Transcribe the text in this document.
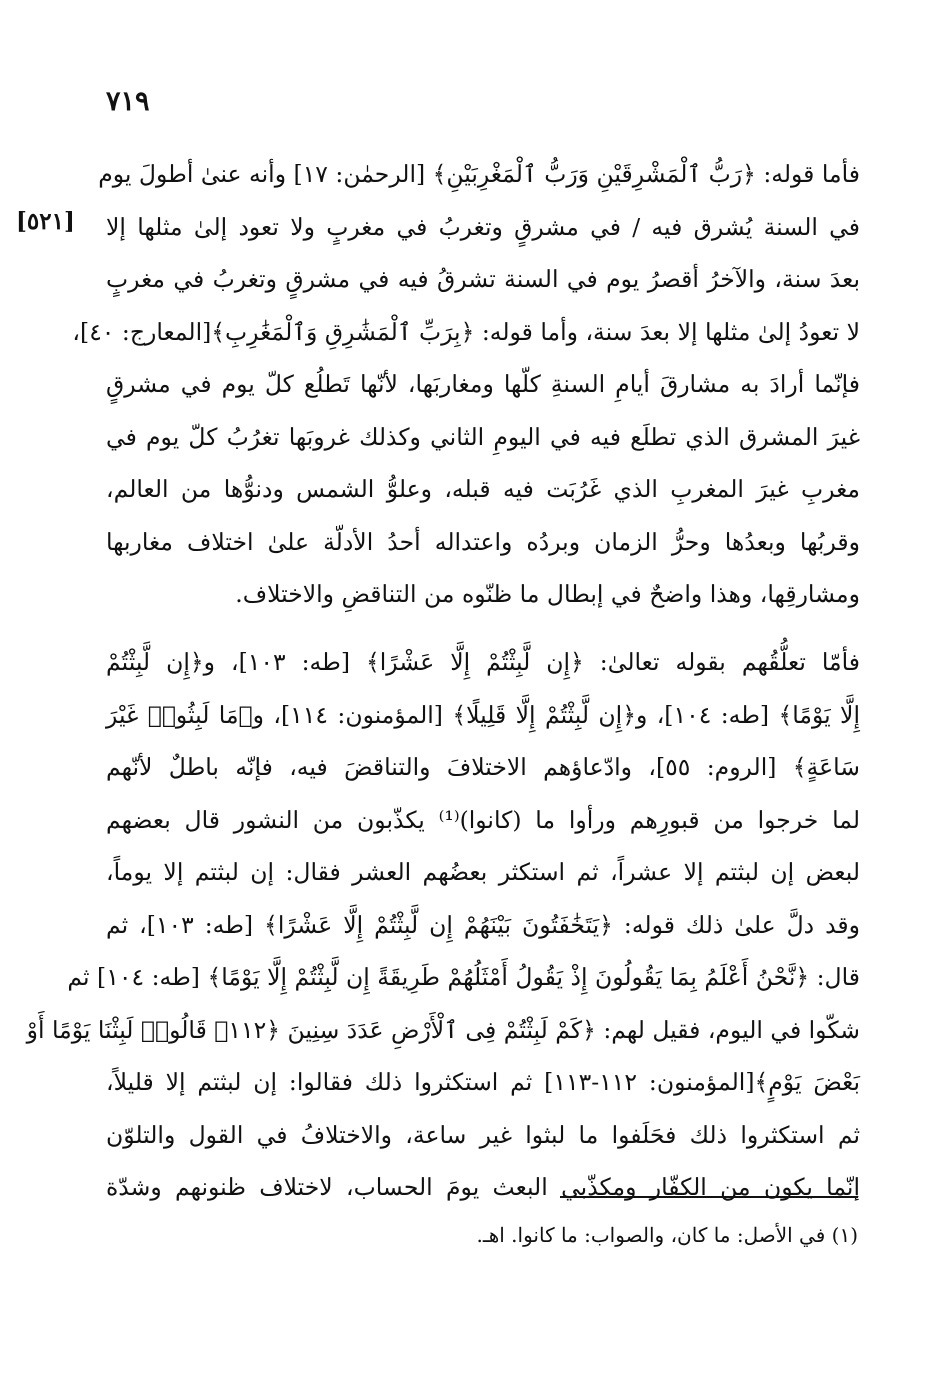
٧١٩
[٥٢١]
فأما قوله: ﴿رَبُّ ٱلْمَشْرِقَيْنِ وَرَبُّ ٱلْمَغْرِبَيْنِ﴾ [الرحمٰن: ١٧] وأنه عنىٰ أطولَ يوم
في السنة يُشرق فيه / في مشرقٍ وتغربُ في مغربٍ ولا تعود إلىٰ مثلها إلا
بعدَ سنة، والآخرُ أقصرُ يوم في السنة تشرقُ فيه في مشرقٍ وتغربُ في مغربٍ
لا تعودُ إلىٰ مثلها إلا بعدَ سنة، وأما قوله: ﴿بِرَبِّ ٱلْمَشَٰرِقِ وَٱلْمَغَٰرِبِ﴾[المعارج: ٤٠]،
فإنّما أرادَ به مشارقَ أيامِ السنةِ كلّها ومغاربَها، لأنّها تَطلُع كلّ يوم في مشرقٍ
غيرَ المشرق الذي تطلَع فيه في اليومِ الثاني وكذلك غروبَها تغرُبُ كلّ يوم في
مغربِ غيرَ المغربِ الذي غَرُبَت فيه قبله، وعلوُّ الشمس ودنوُّها من العالم،
وقربُها وبعدُها وحرُّ الزمان وبردُه واعتداله أحدُ الأدلّة علىٰ اختلاف مغاربها
ومشارقِها، وهذا واضحٌ في إبطال ما ظنّوه من التناقضِ والاختلاف.
فأمّا تعلُّقُهم بقوله تعالىٰ: ﴿إِن لَّبِثْتُمْ إِلَّا عَشْرًا﴾ [طه: ١٠٣]، و﴿إِن لَّبِثْتُمْ
إِلَّا يَوْمًا﴾ [طه: ١٠٤]، و﴿إِن لَّبِثْتُمْ إِلَّا قَلِيلًا﴾ [المؤمنون: ١١٤]، و﴿مَا لَبِثُوا۟ غَيْرَ
سَاعَةٍ﴾ [الروم: ٥٥]، وادّعاؤهم الاختلافَ والتناقضَ فيه، فإنّه باطلٌ لأنّهم
لما خرجوا من قبورِهم ورأوا ما (كانوا)⁽¹⁾ يكذّبون من النشور قال بعضهم
لبعض إن لبثتم إلا عشراً، ثم استكثر بعضُهم العشر فقال: إن لبثتم إلا يوماً،
وقد دلَّ علىٰ ذلك قوله: ﴿يَتَخَٰفَتُونَ بَيْنَهُمْ إِن لَّبِثْتُمْ إِلَّا عَشْرًا﴾ [طه: ١٠٣]، ثم
قال: ﴿نَّحْنُ أَعْلَمُ بِمَا يَقُولُونَ إِذْ يَقُولُ أَمْثَلُهُمْ طَرِيقَةً إِن لَّبِثْتُمْ إِلَّا يَوْمًا﴾ [طه: ١٠٤] ثم
شكّوا في اليوم، فقيل لهم: ﴿كَمْ لَبِثْتُمْ فِى ٱلْأَرْضِ عَدَدَ سِنِينَ ﴿١١٢﴾ قَالُوا۟ لَبِثْنَا يَوْمًا أَوْ
بَعْضَ يَوْمٍ﴾[المؤمنون: ١١٢-١١٣] ثم استكثروا ذلك فقالوا: إن لبثتم إلا قليلاً،
ثم استكثروا ذلك فحَلَفوا ما لبثوا غير ساعة، والاختلافُ في القول والتلوّن
إنّما يكون من الكفّار ومكذّبي البعث يومَ الحساب، لاختلاف ظنونهم وشدّة
(١) في الأصل: ما كان، والصواب: ما كانوا. اهـ.
